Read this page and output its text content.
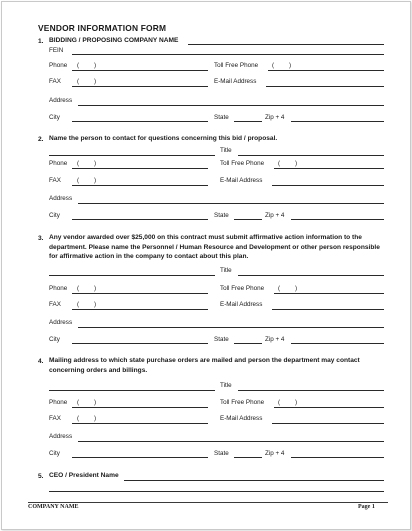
VENDOR INFORMATION FORM
1. BIDDING / PROPOSING COMPANY NAME
FEIN
Phone ( )	Toll Free Phone ( )
FAX	( )	E-Mail Address
Address
City	State	Zip + 4
2. Name the person to contact for questions concerning this bid / proposal.
Title
Phone ( )	Toll Free Phone ( )
FAX	( )	E-Mail Address
Address
City	State	Zip + 4
3. Any vendor awarded over $25,000 on this contract must submit affirmative action information to the department. Please name the Personnel / Human Resource and Development or other person responsible for affirmative action in the company to contact about this plan.
Title
Phone ( )	Toll Free Phone ( )
FAX	( )	E-Mail Address
Address
City	State	Zip + 4
4. Mailing address to which state purchase orders are mailed and person the department may contact concerning orders and billings.
Title
Phone ( )	Toll Free Phone ( )
FAX	( )	E-Mail Address
Address
City	State	Zip + 4
5. CEO / President Name
COMPANY NAME	Page 1
